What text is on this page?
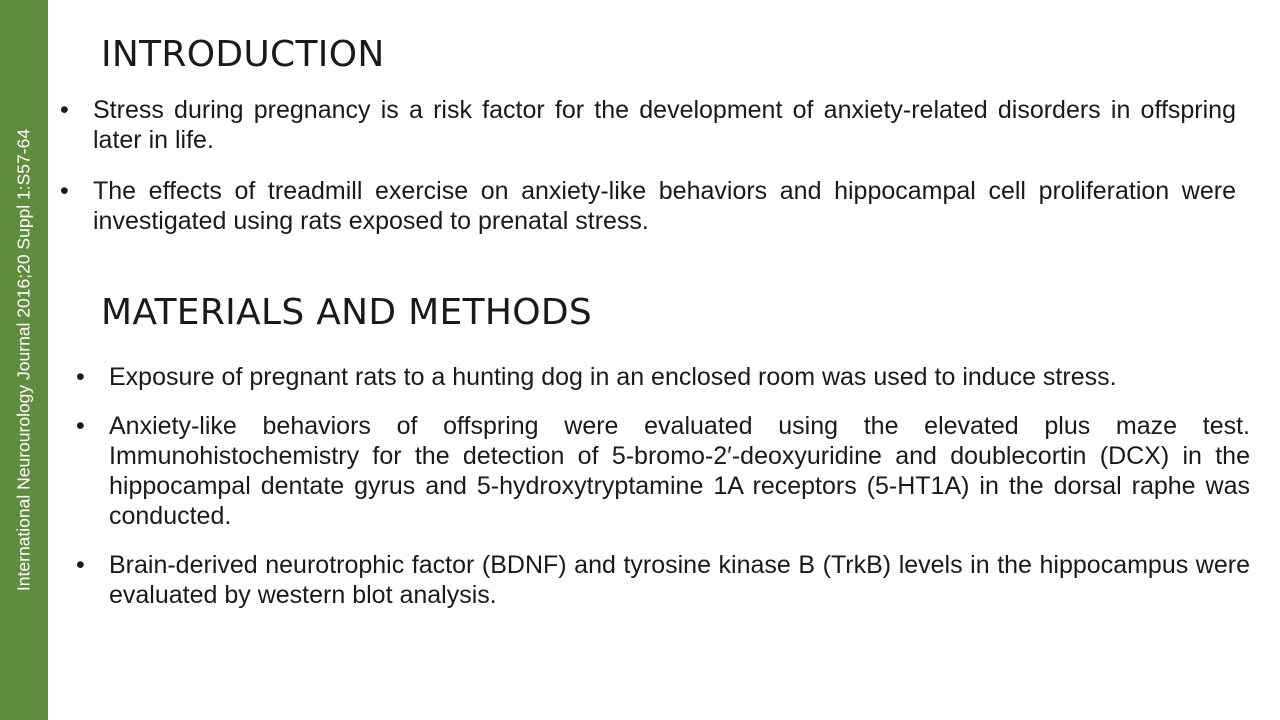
International Neurourology Journal 2016;20 Suppl 1:S57-64
INTRODUCTION
• Stress during pregnancy is a risk factor for the development of anxiety-related disorders in offspring later in life.
• The effects of treadmill exercise on anxiety-like behaviors and hippocampal cell proliferation were investigated using rats exposed to prenatal stress.
MATERIALS AND METHODS
• Exposure of pregnant rats to a hunting dog in an enclosed room was used to induce stress.
• Anxiety-like behaviors of offspring were evaluated using the elevated plus maze test. Immunohistochemistry for the detection of 5-bromo-2′-deoxyuridine and doublecortin (DCX) in the hippocampal dentate gyrus and 5-hydroxytryptamine 1A receptors (5-HT1A) in the dorsal raphe was conducted.
• Brain-derived neurotrophic factor (BDNF) and tyrosine kinase B (TrkB) levels in the hippocampus were evaluated by western blot analysis.
